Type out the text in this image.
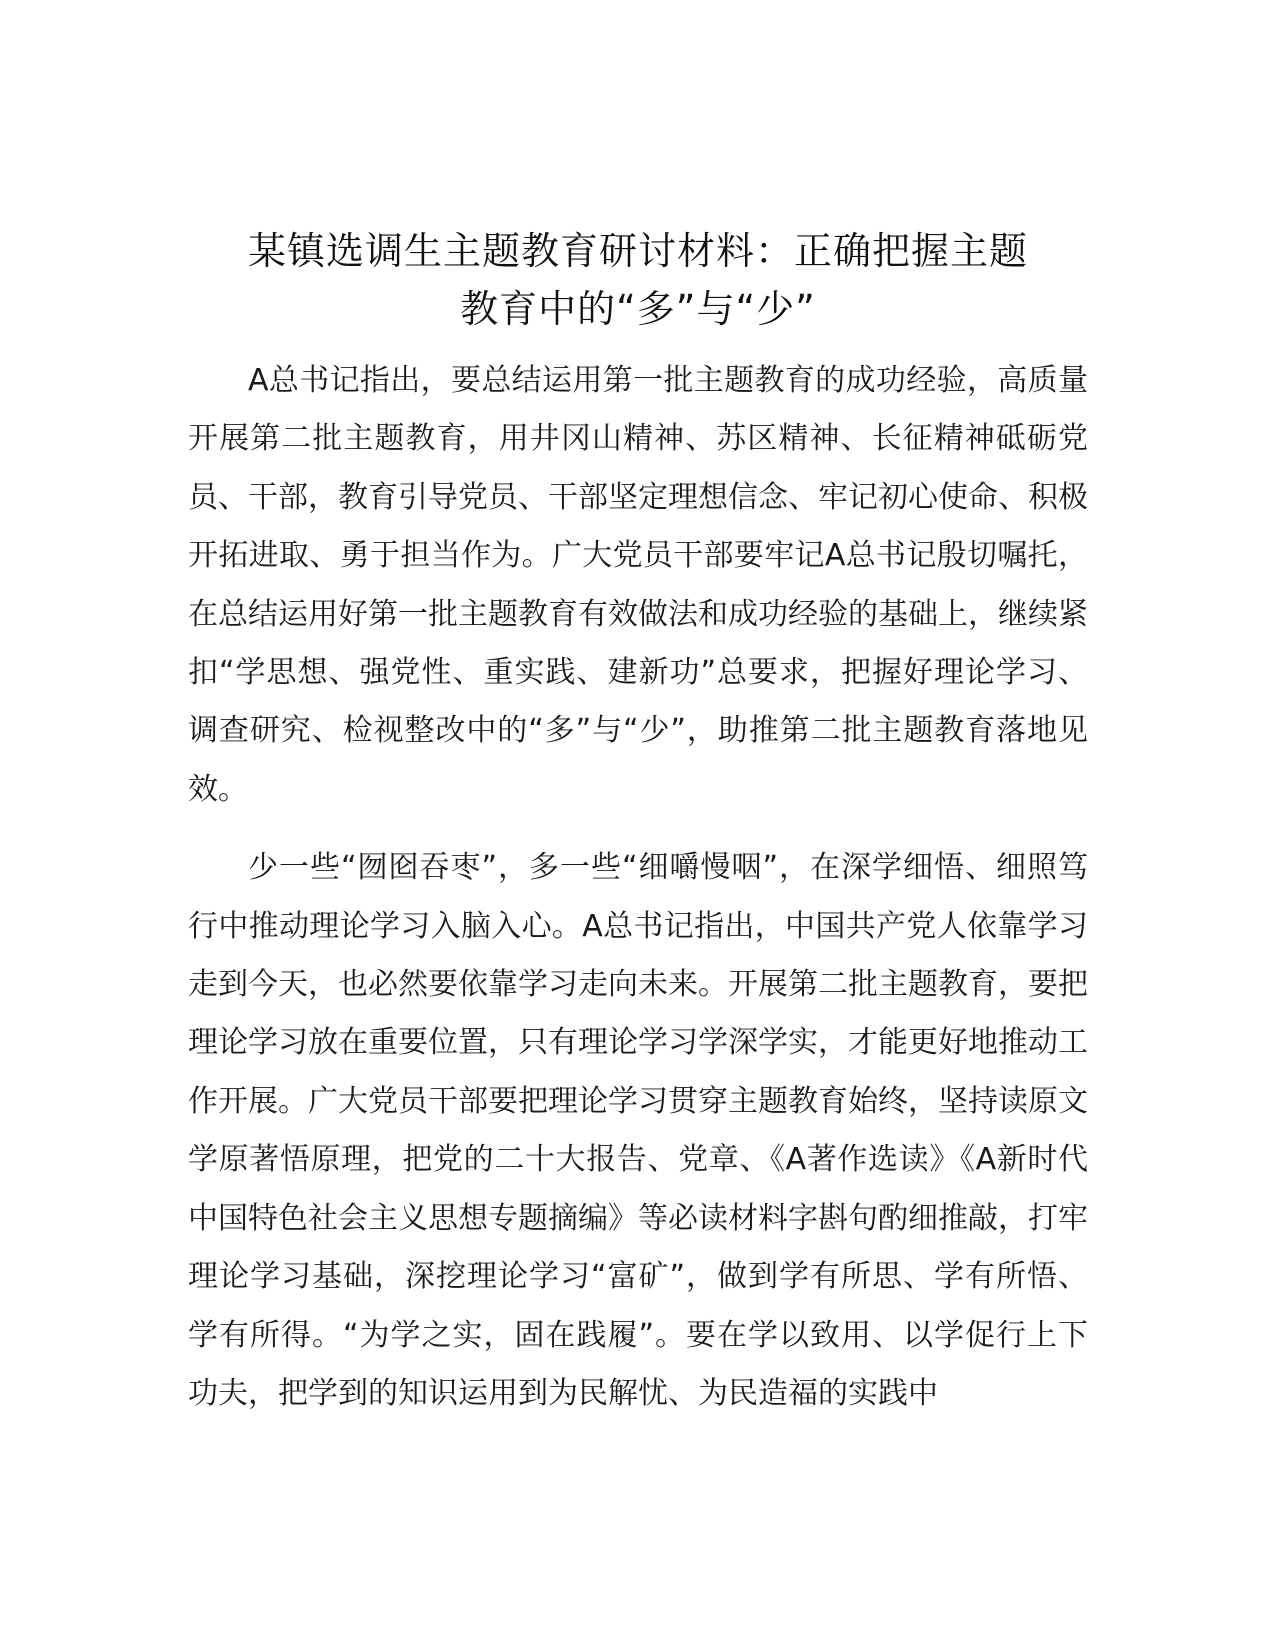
某镇选调生主题教育研讨材料：正确把握主题
教育中的“多”与“少”

A总书记指出，要总结运用第一批主题教育的成功经验，高质量开展第二批主题教育，用井冈山精神、苏区精神、长征精神砥砺党员、干部，教育引导党员、干部坚定理想信念、牢记初心使命、积极开拓进取、勇于担当作为。广大党员干部要牢记A总书记殷切嘱托，在总结运用好第一批主题教育有效做法和成功经验的基础上，继续紧扣“学思想、强党性、重实践、建新功”总要求，把握好理论学习、调查研究、检视整改中的“多”与“少”，助推第二批主题教育落地见效。

少一些“囫囵吞枣”，多一些“细嚼慢咽”，在深学细悟、细照笃行中推动理论学习入脑入心。A总书记指出，中国共产党人依靠学习走到今天，也必然要依靠学习走向未来。开展第二批主题教育，要把理论学习放在重要位置，只有理论学习学深学实，才能更好地推动工作开展。广大党员干部要把理论学习贯穿主题教育始终，坚持读原文学原著悟原理，把党的二十大报告、党章、《A著作选读》《A新时代中国特色社会主义思想专题摘编》等必读材料字斟句酌细推敲，打牢理论学习基础，深挖理论学习“富矿”，做到学有所思、学有所悟、学有所得。“为学之实，固在践履”。要在学以致用、以学促行上下功夫，把学到的知识运用到为民解忧、为民造福的实践中
